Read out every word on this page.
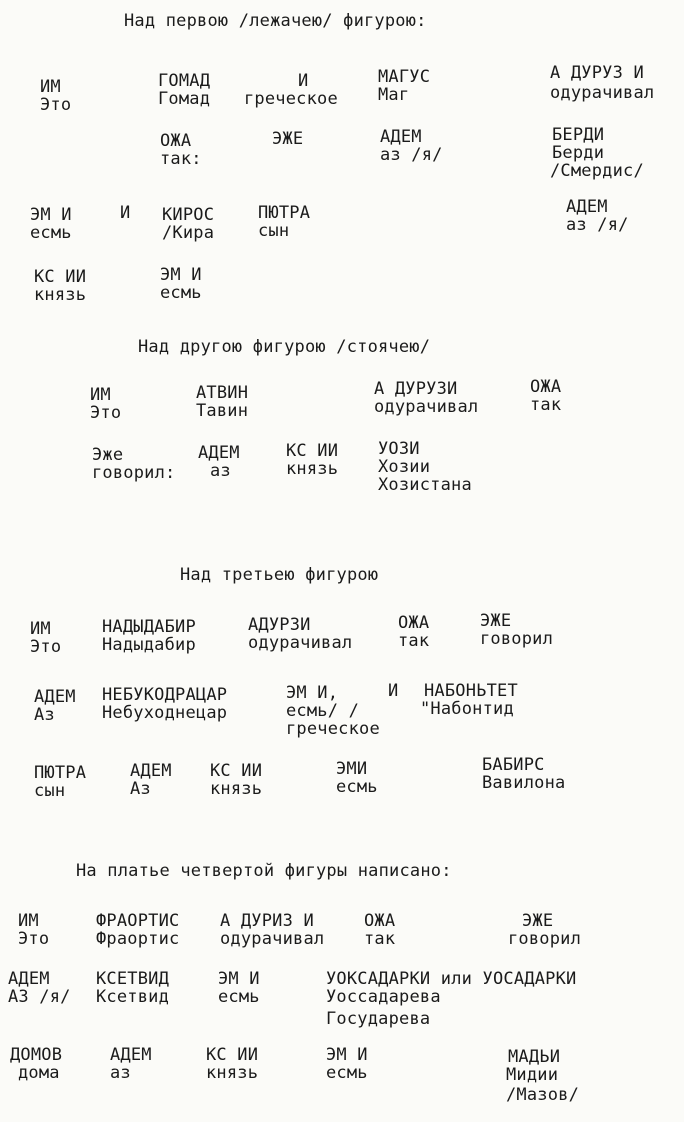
Над первою /лежачею/ фигурою:
ИМ
Это
ГОМАД
Гомад
И
греческое
МАГУС
Маг
А ДУРУЗ И
одурачивал
ОЖА
так:
ЭЖЕ	АДЕМ
аз /я/
БЕРДИ
Берди
/Смердис/
ЭМ И
есмь
И КИРОС
/Кира
ПЮТРА
сын
АДЕМ
аз /я/
КС ИИ
князь
ЭМ И
есмь
Над другою фигурою /стоячею/
ИМ
Это
АТВИН
Тавин
А ДУРУЗИ
одурачивал
ОЖА
так
Эже
говорил:
АДЕМ
аз
КС ИИ
князь
УОЗИ
Хозии
Хозистана
Над третьею фигурою
ИМ
Это
НАДЫДАБИР
Надыдабир
АДУРЗИ
одурачивал
ОЖА
так
ЭЖЕ
говорил
АДЕМ
Аз
НЕБУКОДРАЦАР
Небуходнецар
ЭМ И,
есмь/ /
греческое
И НАБОНЬТЕТ
"Набонтид
ПЮТРА
сын
АДЕМ
Аз
КС ИИ
князь
ЭМИ
есмь
БАБИРС
Вавилона
На платье четвертой фигуры написано:
ИМ
Это
ФРАОРТИС
Фраортис
А ДУРИЗ И
одурачивал
ОЖА
так
ЭЖЕ
говорил
АДЕМ
АЗ /я/
КСЕТВИД
Ксетвид
ЭМ И
есмь
УОКСАДАРКИ или УОСАДАРКИ
Уоссадарева
Государева
ДОМОВ
дома
АДЕМ
аз
КС ИИ
князь
ЭМ И
есмь
МАДЬИ
Мидии
/Мазов/
